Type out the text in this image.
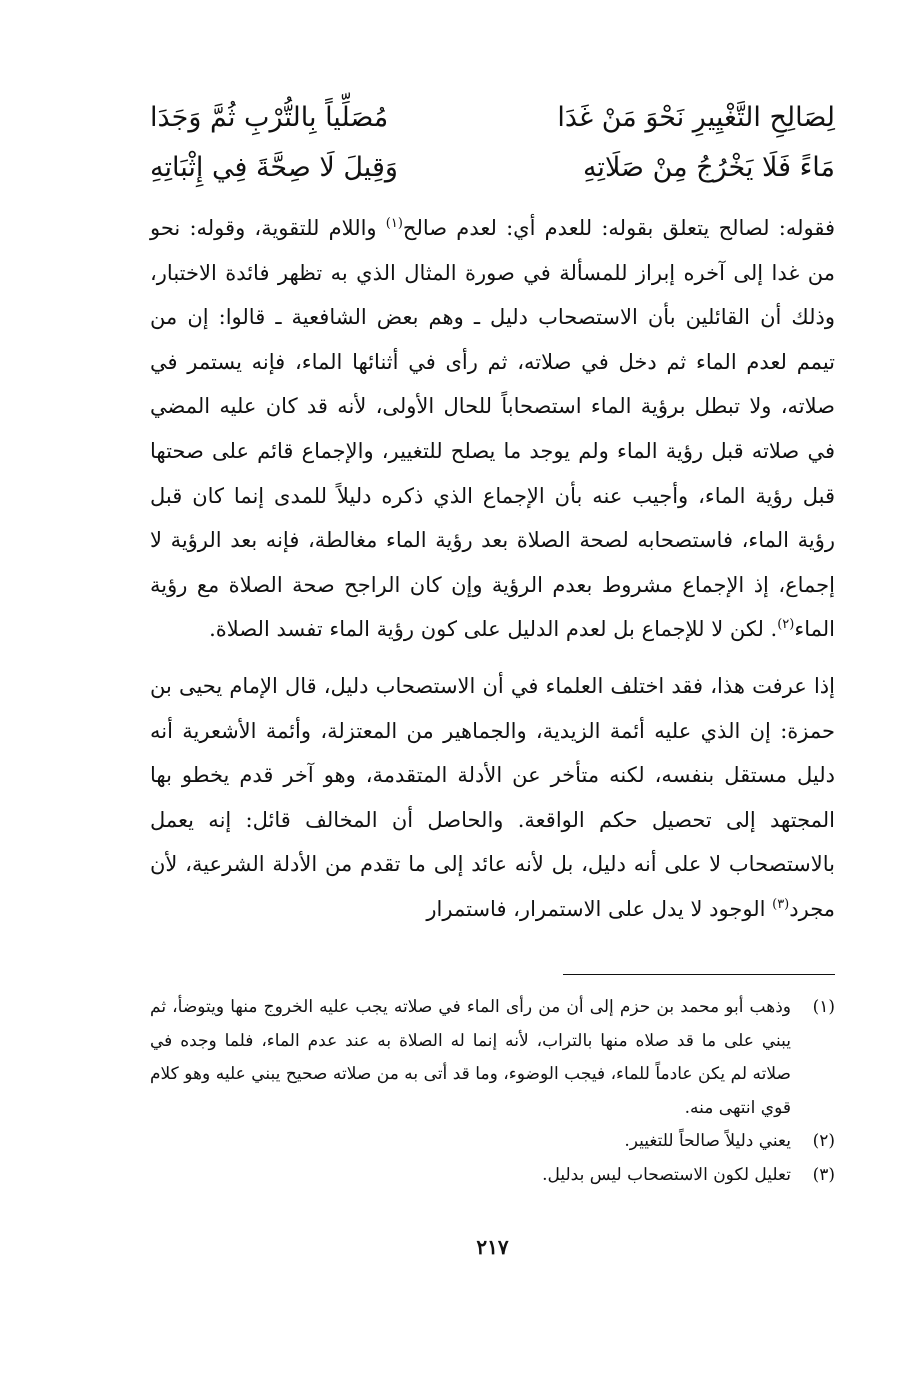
لِصَالِحِ التَّغْيِيرِ نَحْوَ مَنْ غَدَا
مُصَلِّياً بِالتُّرْبِ ثُمَّ وَجَدَا
مَاءً فَلَا يَخْرُجُ مِنْ صَلَاتِهِ
وَقِيلَ لَا صِحَّةَ فِي إِثْبَاتِهِ

فقوله: لصالح يتعلق بقوله: للعدم أي: لعدم صالح$^{(١)}$ واللام للتقوية، وقوله: نحو من غدا إلى آخره إبراز للمسألة في صورة المثال الذي به تظهر فائدة الاختبار، وذلك أن القائلين بأن الاستصحاب دليل ـ وهم بعض الشافعية ـ قالوا: إن من تيمم لعدم الماء ثم دخل في صلاته، ثم رأى في أثنائها الماء، فإنه يستمر في صلاته، ولا تبطل برؤية الماء استصحاباً للحال الأولى، لأنه قد كان عليه المضي في صلاته قبل رؤية الماء ولم يوجد ما يصلح للتغيير، والإجماع قائم على صحتها قبل رؤية الماء، وأجيب عنه بأن الإجماع الذي ذكره دليلاً للمدى إنما كان قبل رؤية الماء، فاستصحابه لصحة الصلاة بعد رؤية الماء مغالطة، فإنه بعد الرؤية لا إجماع، إذ الإجماع مشروط بعدم الرؤية وإن كان الراجح صحة الصلاة مع رؤية الماء$^{(٢)}$. لكن لا للإجماع بل لعدم الدليل على كون رؤية الماء تفسد الصلاة.

إذا عرفت هذا، فقد اختلف العلماء في أن الاستصحاب دليل، قال الإمام يحيى بن حمزة: إن الذي عليه أئمة الزيدية، والجماهير من المعتزلة، وأئمة الأشعرية أنه دليل مستقل بنفسه، لكنه متأخر عن الأدلة المتقدمة، وهو آخر قدم يخطو بها المجتهد إلى تحصيل حكم الواقعة. والحاصل أن المخالف قائل: إنه يعمل بالاستصحاب لا على أنه دليل، بل لأنه عائد إلى ما تقدم من الأدلة الشرعية، لأن مجرد$^{(٣)}$ الوجود لا يدل على الاستمرار، فاستمرار

(١)
وذهب أبو محمد بن حزم إلى أن من رأى الماء في صلاته يجب عليه الخروج منها ويتوضأ، ثم يبني على ما قد صلاه منها بالتراب، لأنه إنما له الصلاة به عند عدم الماء، فلما وجده في صلاته لم يكن عادماً للماء، فيجب الوضوء، وما قد أتى به من صلاته صحيح يبني عليه وهو كلام قوي انتهى منه.
(٢)
يعني دليلاً صالحاً للتغيير.
(٣)
تعليل لكون الاستصحاب ليس بدليل.
٢١٧
